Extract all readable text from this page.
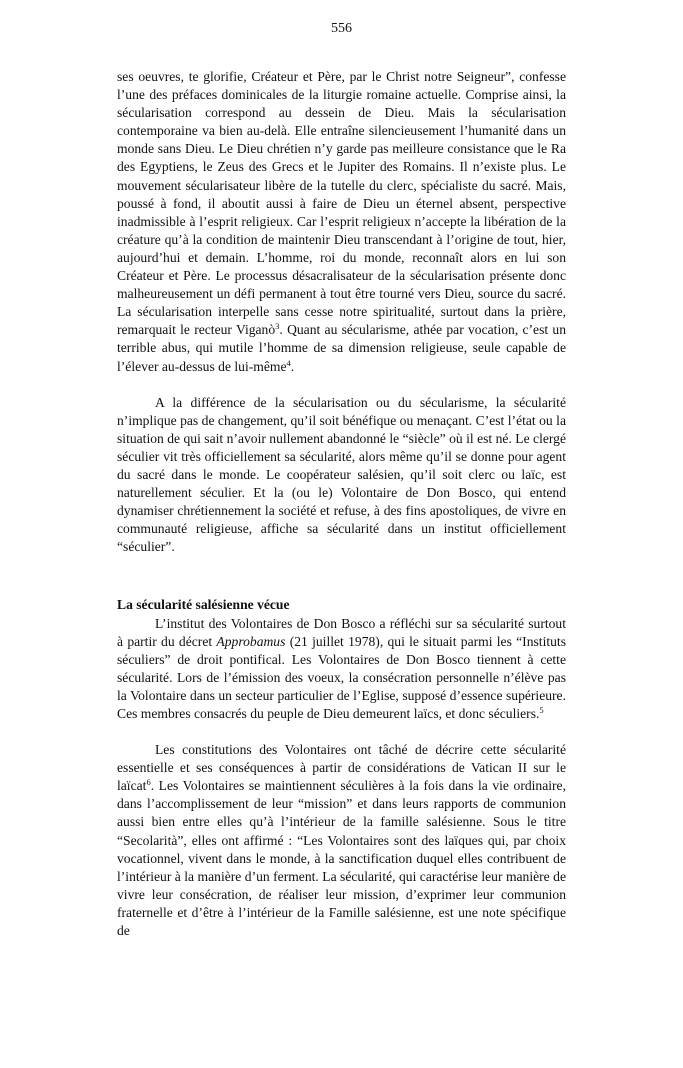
556

ses oeuvres, te glorifie, Créateur et Père, par le Christ notre Seigneur”, confesse l’une des préfaces dominicales de la liturgie romaine actuelle. Comprise ainsi, la sécularisation correspond au dessein de Dieu. Mais la sécularisation contemporaine va bien au-delà. Elle entraîne silencieusement l’humanité dans un monde sans Dieu. Le Dieu chrétien n’y garde pas meilleure consistance que le Ra des Egyptiens, le Zeus des Grecs et le Jupiter des Romains. Il n’existe plus. Le mouvement sécularisateur libère de la tutelle du clerc, spécialiste du sacré. Mais, poussé à fond, il aboutit aussi à faire de Dieu un éternel absent, perspective inadmissible à l’esprit religieux. Car l’esprit religieux n’accepte la libération de la créature qu’à la condition de maintenir Dieu transcendant à l’origine de tout, hier, aujourd’hui et demain. L’homme, roi du monde, reconnaît alors en lui son Créateur et Père. Le processus désacralisateur de la sécularisation présente donc malheureusement un défi permanent à tout être tourné vers Dieu, source du sacré. La sécularisation interpelle sans cesse notre spiritualité, surtout dans la prière, remarquait le recteur Viganò$^3$. Quant au sécularisme, athée par vocation, c’est un terrible abus, qui mutile l’homme de sa dimension religieuse, seule capable de l’élever au-dessus de lui-même$^4$.

A la différence de la sécularisation ou du sécularisme, la sécularité n’implique pas de changement, qu’il soit bénéfique ou menaçant. C’est l’état ou la situation de qui sait n’avoir nullement abandonné le “siècle” où il est né. Le clergé séculier vit très officiellement sa sécularité, alors même qu’il se donne pour agent du sacré dans le monde. Le coopérateur salésien, qu’il soit clerc ou laïc, est naturellement séculier. Et la (ou le) Volontaire de Don Bosco, qui entend dynamiser chrétiennement la société et refuse, à des fins apostoliques, de vivre en communauté religieuse, affiche sa sécularité dans un institut officiellement “séculier”.

La sécularité salésienne vécue

L’institut des Volontaires de Don Bosco a réfléchi sur sa sécularité surtout à partir du décret Approbamus (21 juillet 1978), qui le situait parmi les “Instituts séculiers” de droit pontifical. Les Volontaires de Don Bosco tiennent à cette sécularité. Lors de l’émission des voeux, la consécration personnelle n’élève pas la Volontaire dans un secteur particulier de l’Eglise, supposé d’essence supérieure. Ces membres consacrés du peuple de Dieu demeurent laïcs, et donc séculiers.$^5$

Les constitutions des Volontaires ont tâché de décrire cette sécularité essentielle et ses conséquences à partir de considérations de Vatican II sur le laïcat$^6$. Les Volontaires se maintiennent séculières à la fois dans la vie ordinaire, dans l’accomplissement de leur “mission” et dans leurs rapports de communion aussi bien entre elles qu’à l’intérieur de la famille salésienne. Sous le titre “Secolarità”, elles ont affirmé : “Les Volontaires sont des laïques qui, par choix vocationnel, vivent dans le monde, à la sanctification duquel elles contribuent de l’intérieur à la manière d’un ferment. La sécularité, qui caractérise leur manière de vivre leur consécration, de réaliser leur mission, d’exprimer leur communion fraternelle et d’être à l’intérieur de la Famille salésienne, est une note spécifique de
